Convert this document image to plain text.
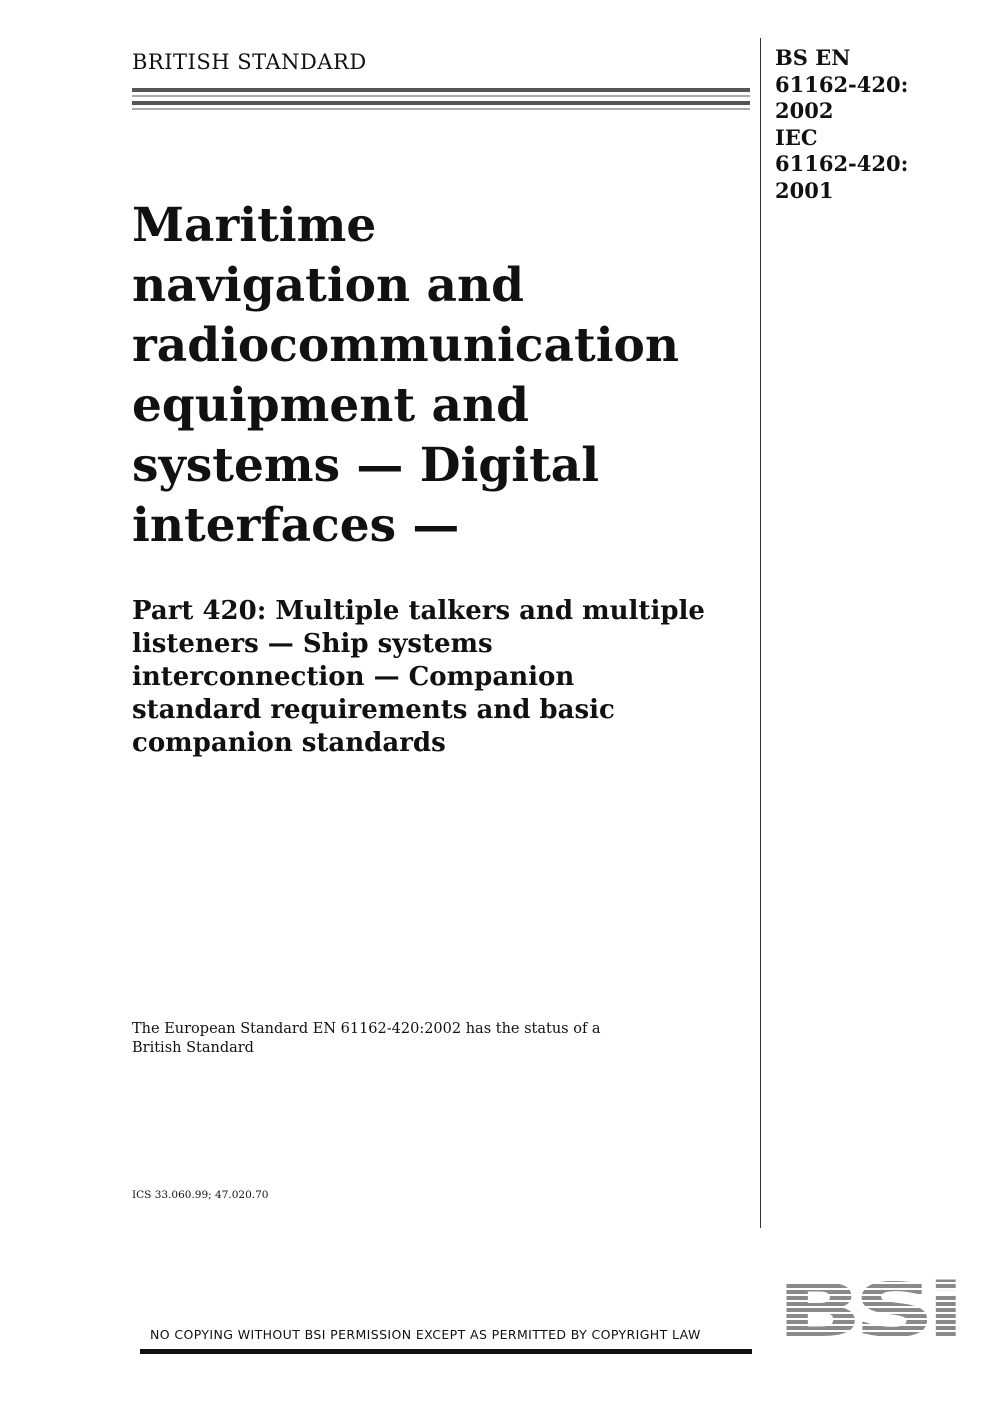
BRITISH STANDARD	BS EN
61162-420:
2002
IEC
61162-420:
2001
Maritime
navigation and
radiocommunication
equipment and
systems — Digital
interfaces —
Part 420: Multiple talkers and multiple
listeners — Ship systems
interconnection — Companion
standard requirements and basic
companion standards
The European Standard EN 61162-420:2002 has the status of a
British Standard
ICS 33.060.99; 47.020.70
BSi
NO COPYING WITHOUT BSI PERMISSION EXCEPT AS PERMITTED BY COPYRIGHT LAW
